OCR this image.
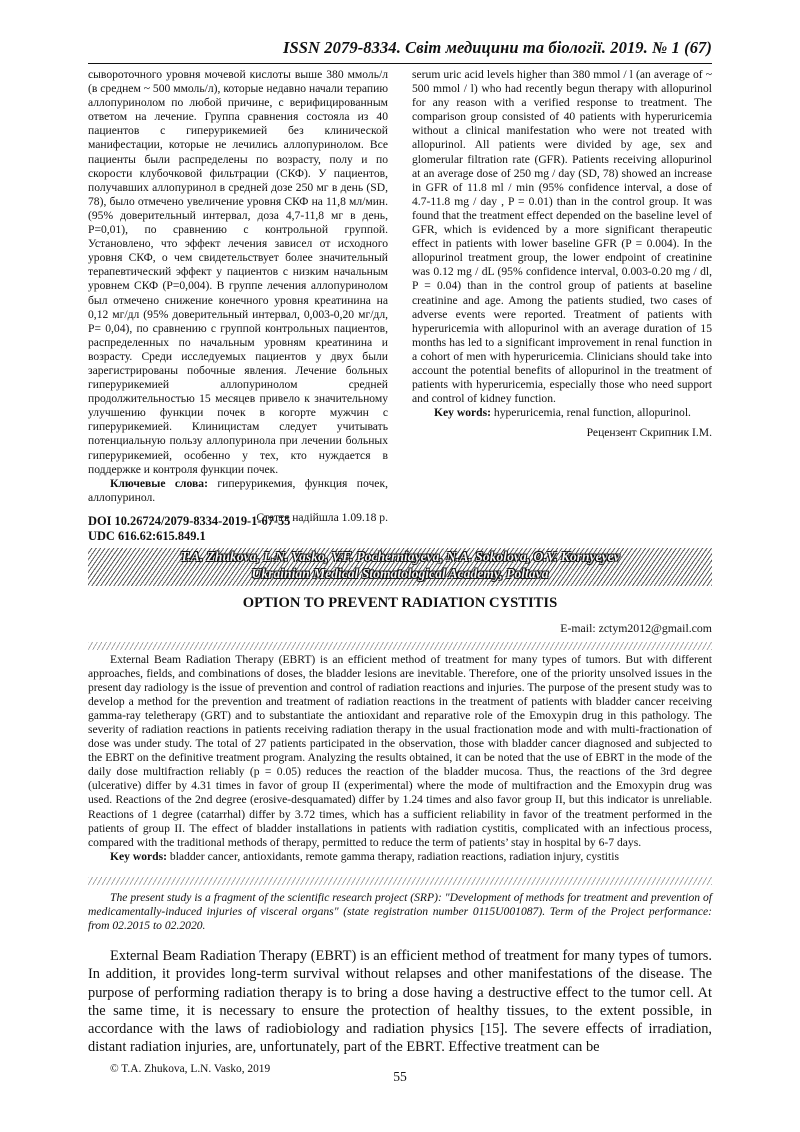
ISSN 2079-8334. Світ медицини та біології. 2019. № 1 (67)

сывороточного уровня мочевой кислоты выше 380 ммоль/л (в среднем ~ 500 ммоль/л), которые недавно начали терапию аллопуринолом по любой причине, с верифицированным ответом на лечение. Группа сравнения состояла из 40 пациентов с гиперурикемией без клинической манифестации, которые не лечились аллопуринолом. Все пациенты были распределены по возрасту, полу и по скорости клубочковой фильтрации (СКФ). У пациентов, получавших аллопуринол в средней дозе 250 мг в день (SD, 78), было отмечено увеличение уровня СКФ на 11,8 мл/мин. (95% доверительный интервал, доза 4,7-11,8 мг в день, P=0,01), по сравнению с контрольной группой. Установлено, что эффект лечения зависел от исходного уровня СКФ, о чем свидетельствует более значительный терапевтический эффект у пациентов с низким начальным уровнем СКФ (P=0,004). В группе лечения аллопуринолом был отмечено снижение конечного уровня креатинина на 0,12 мг/дл (95% доверительный интервал, 0,003-0,20 мг/дл, P= 0,04), по сравнению с группой контрольных пациентов, распределенных по начальным уровням креатинина и возрасту. Среди исследуемых пациентов у двух были зарегистрированы побочные явления. Лечение больных гиперурикемией аллопуринолом средней продолжительностью 15 месяцев привело к значительному улучшению функции почек в когорте мужчин с гиперурикемией. Клиницистам следует учитывать потенциальную пользу аллопуринола при лечении больных гиперурикемией, особенно у тех, кто нуждается в поддержке и контроля функции почек.

Ключевые слова: гиперурикемия, функция почек, аллопуринол.

Стаття надійшла 1.09.18 р.

serum uric acid levels higher than 380 mmol / l (an average of ~ 500 mmol / l) who had recently begun therapy with allopurinol for any reason with a verified response to treatment. The comparison group consisted of 40 patients with hyperuricemia without a clinical manifestation who were not treated with allopurinol. All patients were divided by age, sex and glomerular filtration rate (GFR). Patients receiving allopurinol at an average dose of 250 mg / day (SD, 78) showed an increase in GFR of 11.8 ml / min (95% confidence interval, a dose of 4.7-11.8 mg / day , P = 0.01) than in the control group. It was found that the treatment effect depended on the baseline level of GFR, which is evidenced by a more significant therapeutic effect in patients with lower baseline GFR (P = 0.004). In the allopurinol treatment group, the lower endpoint of creatinine was 0.12 mg / dL (95% confidence interval, 0.003-0.20 mg / dl, P = 0.04) than in the control group of patients at baseline creatinine and age. Among the patients studied, two cases of adverse events were reported. Treatment of patients with hyperuricemia with allopurinol with an average duration of 15 months has led to a significant improvement in renal function in a cohort of men with hyperuricemia. Clinicians should take into account the potential benefits of allopurinol in the treatment of patients with hyperuricemia, especially those who need support and control of kidney function.

Key words: hyperuricemia, renal function, allopurinol.

Рецензент Скрипник І.М.

DOI 10.26724/2079-8334-2019-1-67-55
UDC 616.62:615.849.1
T.A. Zhukova, L.N. Vasko, V.F. Pocherniayeva, N.A. Sokolova, O.V. Kornyeyev
Ukrainian Medical Stomatological Academy, Poltava
OPTION TO PREVENT RADIATION CYSTITIS
E-mail: zctym2012@gmail.com

External Beam Radiation Therapy (EBRT) is an efficient method of treatment for many types of tumors. But with different approaches, fields, and combinations of doses, the bladder lesions are inevitable. Therefore, one of the priority unsolved issues in the present day radiology is the issue of prevention and control of radiation reactions and injuries. The purpose of the present study was to develop a method for the prevention and treatment of radiation reactions in the treatment of patients with bladder cancer receiving gamma-ray teletherapy (GRT) and to substantiate the antioxidant and reparative role of the Emoxypin drug in this pathology. The severity of radiation reactions in patients receiving radiation therapy in the usual fractionation mode and with multi-fractionation of dose was under study. The total of 27 patients participated in the observation, those with bladder cancer diagnosed and subjected to the EBRT on the definitive treatment program. Analyzing the results obtained, it can be noted that the use of EBRT in the mode of the daily dose multifraction reliably (p = 0.05) reduces the reaction of the bladder mucosa. Thus, the reactions of the 3rd degree (ulcerative) differ by 4.31 times in favor of group II (experimental) where the mode of multifraction and the Emoxypin drug was used. Reactions of the 2nd degree (erosive-desquamated) differ by 1.24 times and also favor group II, but this indicator is unreliable. Reactions of 1 degree (catarrhal) differ by 3.72 times, which has a sufficient reliability in favor of the treatment performed in the patients of group II. The effect of bladder installations in patients with radiation cystitis, complicated with an infectious process, compared with the traditional methods of therapy, permitted to reduce the term of patients’ stay in hospital by 6-7 days.

Key words: bladder cancer, antioxidants, remote gamma therapy, radiation reactions, radiation injury, cystitis

The present study is a fragment of the scientific research project (SRP): "Development of methods for treatment and prevention of medicamentally-induced injuries of visceral organs" (state registration number 0115U001087). Term of the Project performance: from 02.2015 to 02.2020.

External Beam Radiation Therapy (EBRT) is an efficient method of treatment for many types of tumors. In addition, it provides long-term survival without relapses and other manifestations of the disease. The purpose of performing radiation therapy is to bring a dose having a destructive effect to the tumor cell. At the same time, it is necessary to ensure the protection of healthy tissues, to the extent possible, in accordance with the laws of radiobiology and radiation physics [15]. The severe effects of irradiation, distant radiation injuries, are, unfortunately, part of the EBRT. Effective treatment can be

© T.A. Zhukova, L.N. Vasko, 2019	55
